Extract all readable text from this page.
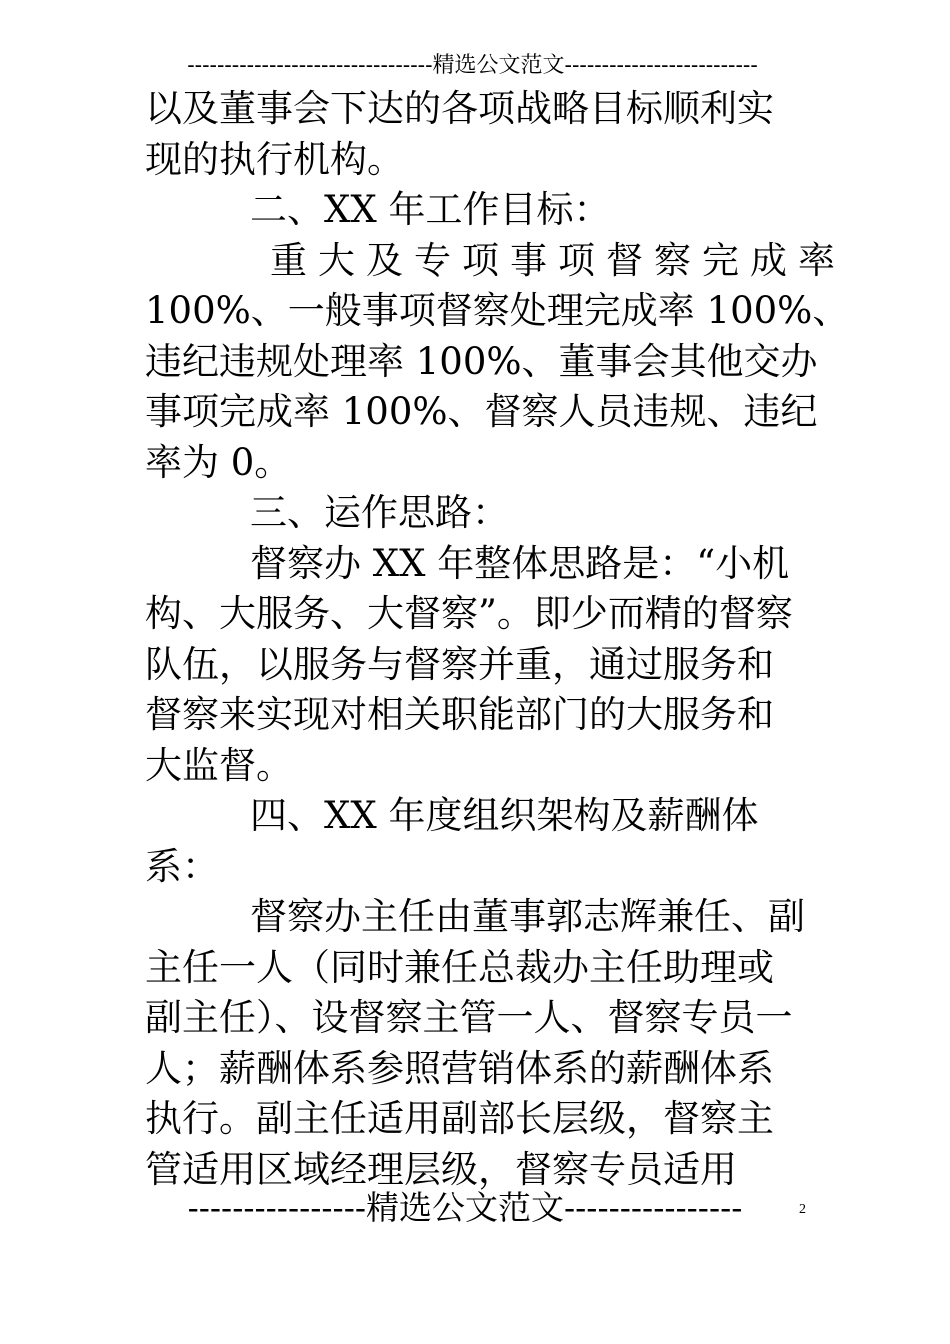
---------------------------------精选公文范文--------------------------
以及董事会下达的各项战略目标顺利实
现的执行机构。
二、XX 年工作目标：
重大及专项事项督察完成率
100%、一般事项督察处理完成率 100%、
违纪违规处理率 100%、董事会其他交办
事项完成率 100%、督察人员违规、违纪
率为 0。
三、运作思路：
督察办 XX 年整体思路是：“小机
构、大服务、大督察”。即少而精的督察
队伍，以服务与督察并重，通过服务和
督察来实现对相关职能部门的大服务和
大监督。
四、XX 年度组织架构及薪酬体
系：
督察办主任由董事郭志辉兼任、副
主任一人（同时兼任总裁办主任助理或
副主任）、设督察主管一人、督察专员一
人；薪酬体系参照营销体系的薪酬体系
执行。副主任适用副部长层级，督察主
管适用区域经理层级，督察专员适用
----------------精选公文范文----------------	2
